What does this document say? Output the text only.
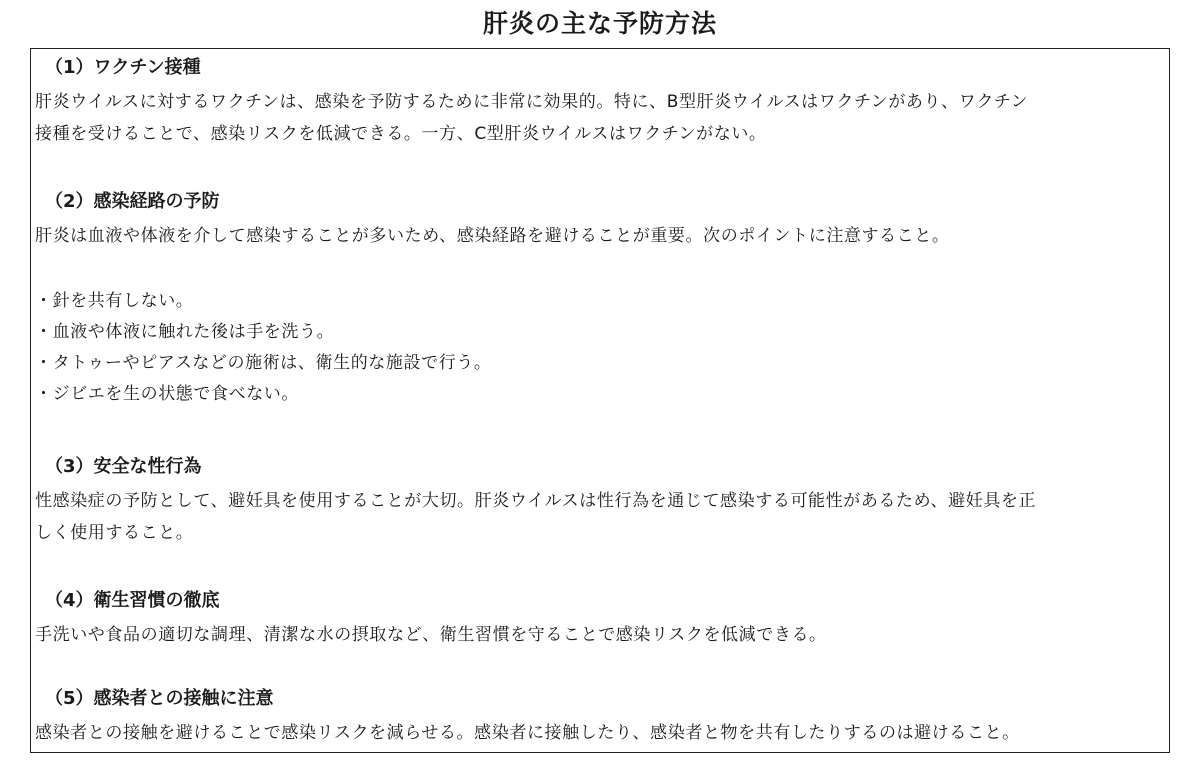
肝炎の主な予防方法
（1）ワクチン接種
肝炎ウイルスに対するワクチンは、感染を予防するために非常に効果的。特に、B型肝炎ウイルスはワクチンがあり、ワクチン
接種を受けることで、感染リスクを低減できる。一方、C型肝炎ウイルスはワクチンがない。
（2）感染経路の予防
肝炎は血液や体液を介して感染することが多いため、感染経路を避けることが重要。次のポイントに注意すること。
・針を共有しない。
・血液や体液に触れた後は手を洗う。
・タトゥーやピアスなどの施術は、衛生的な施設で行う。
・ジビエを生の状態で食べない。
（3）安全な性行為
性感染症の予防として、避妊具を使用することが大切。肝炎ウイルスは性行為を通じて感染する可能性があるため、避妊具を正
しく使用すること。
（4）衛生習慣の徹底
手洗いや食品の適切な調理、清潔な水の摂取など、衛生習慣を守ることで感染リスクを低減できる。
（5）感染者との接触に注意
感染者との接触を避けることで感染リスクを減らせる。感染者に接触したり、感染者と物を共有したりするのは避けること。
